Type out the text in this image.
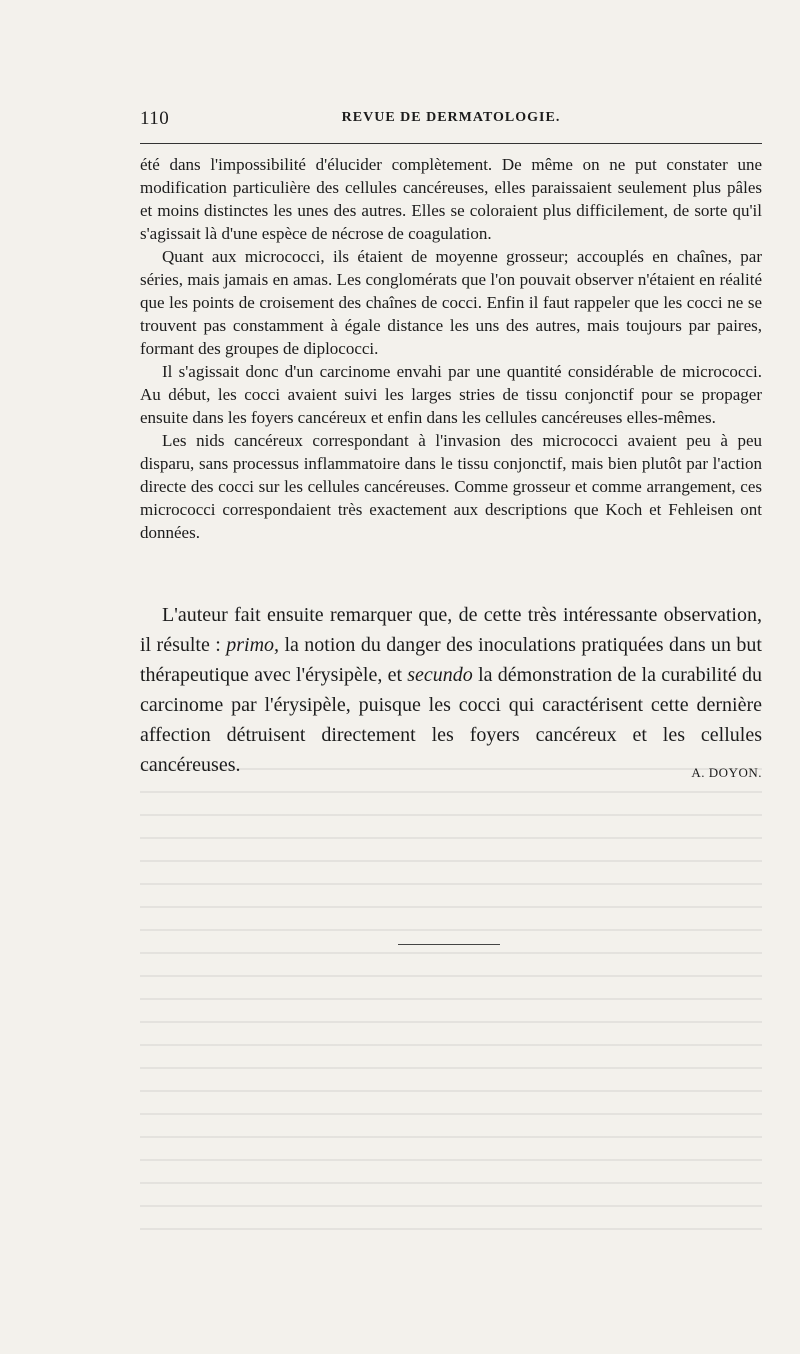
110	REVUE DE DERMATOLOGIE.

été dans l'impossibilité d'élucider complètement. De même on ne put constater une modification particulière des cellules cancéreuses, elles paraissaient seulement plus pâles et moins distinctes les unes des autres. Elles se coloraient plus difficilement, de sorte qu'il s'agissait là d'une espèce de nécrose de coagulation.

Quant aux micrococci, ils étaient de moyenne grosseur; accouplés en chaînes, par séries, mais jamais en amas. Les conglomérats que l'on pouvait observer n'étaient en réalité que les points de croisement des chaînes de cocci. Enfin il faut rappeler que les cocci ne se trouvent pas constamment à égale distance les uns des autres, mais toujours par paires, formant des groupes de diplococci.

Il s'agissait donc d'un carcinome envahi par une quantité considérable de micrococci. Au début, les cocci avaient suivi les larges stries de tissu conjonctif pour se propager ensuite dans les foyers cancéreux et enfin dans les cellules cancéreuses elles-mêmes.

Les nids cancéreux correspondant à l'invasion des micrococci avaient peu à peu disparu, sans processus inflammatoire dans le tissu conjonctif, mais bien plutôt par l'action directe des cocci sur les cellules cancéreuses. Comme grosseur et comme arrangement, ces micrococci correspondaient très exactement aux descriptions que Koch et Fehleisen ont données.

L'auteur fait ensuite remarquer que, de cette très intéressante observation, il résulte : primo, la notion du danger des inoculations pratiquées dans un but thérapeutique avec l'érysipèle, et secundo la démonstration de la curabilité du carcinome par l'érysipèle, puisque les cocci qui caractérisent cette dernière affection détruisent directement les foyers cancéreux et les cellules cancéreuses.	A. DOYON.
